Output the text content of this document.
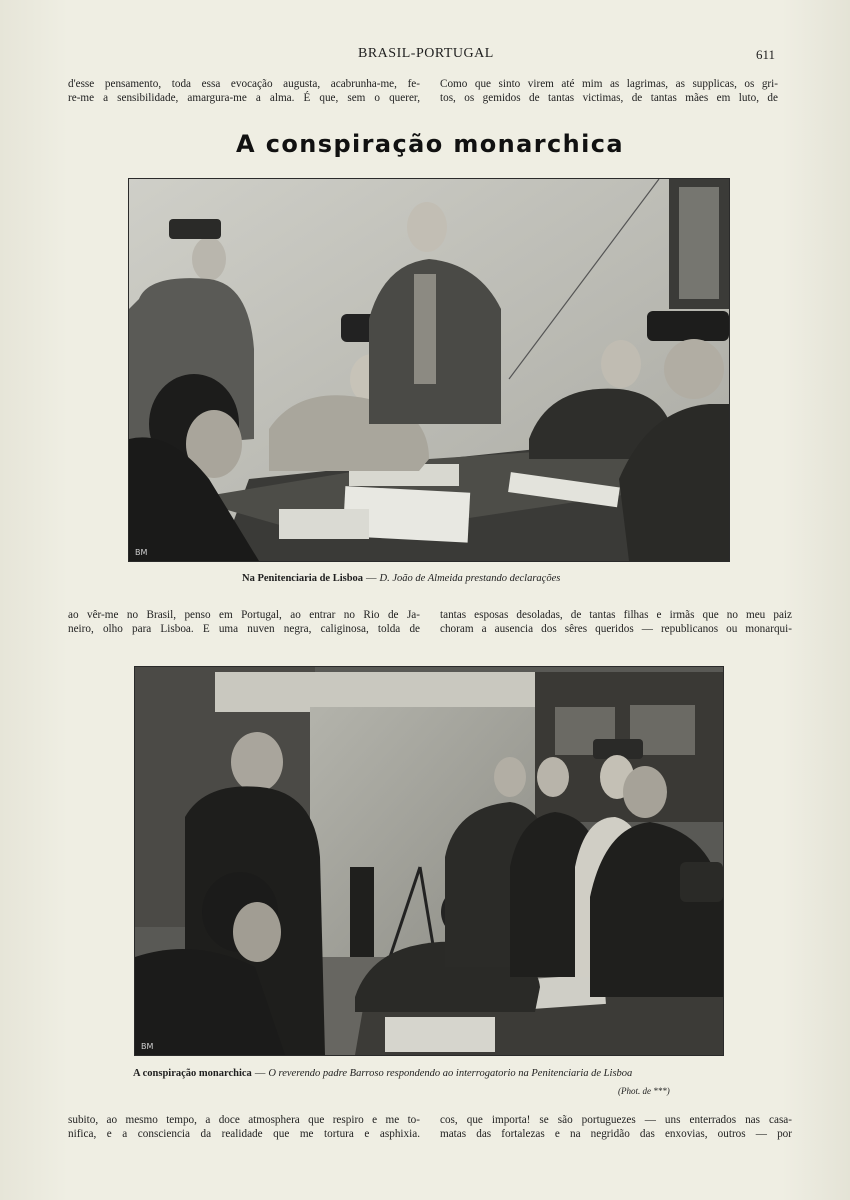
BRASIL-PORTUGAL	611
d'esse pensamento, toda essa evocação augusta, acabrunha-me, fe-
re-me a sensibilidade, amargura-me a alma. É que, sem o querer,
Como que sinto virem até mim as lagrimas, as supplicas, os gri-
tos, os gemidos de tantas victimas, de tantas mães em luto, de
A conspiração monarchica
BM
Na Penitenciaria de Lisboa — D. João de Almeida prestando declarações
ao vêr-me no Brasil, penso em Portugal, ao entrar no Rio de Ja-
neiro, olho para Lisboa. E uma nuven negra, caliginosa, tolda de
tantas esposas desoladas, de tantas filhas e irmãs que no meu paiz
choram a ausencia dos sêres queridos — republicanos ou monarqui-
BM
A conspiração monarchica — O reverendo padre Barroso respondendo ao interrogatorio na Penitenciaria de Lisboa
(Phot. de ***)
subito, ao mesmo tempo, a doce atmosphera que respiro e me to-
nifica, e a consciencia da realidade que me tortura e asphixia.
cos, que importa! se são portuguezes — uns enterrados nas casa-
matas das fortalezas e na negridão das enxovias, outros — por
